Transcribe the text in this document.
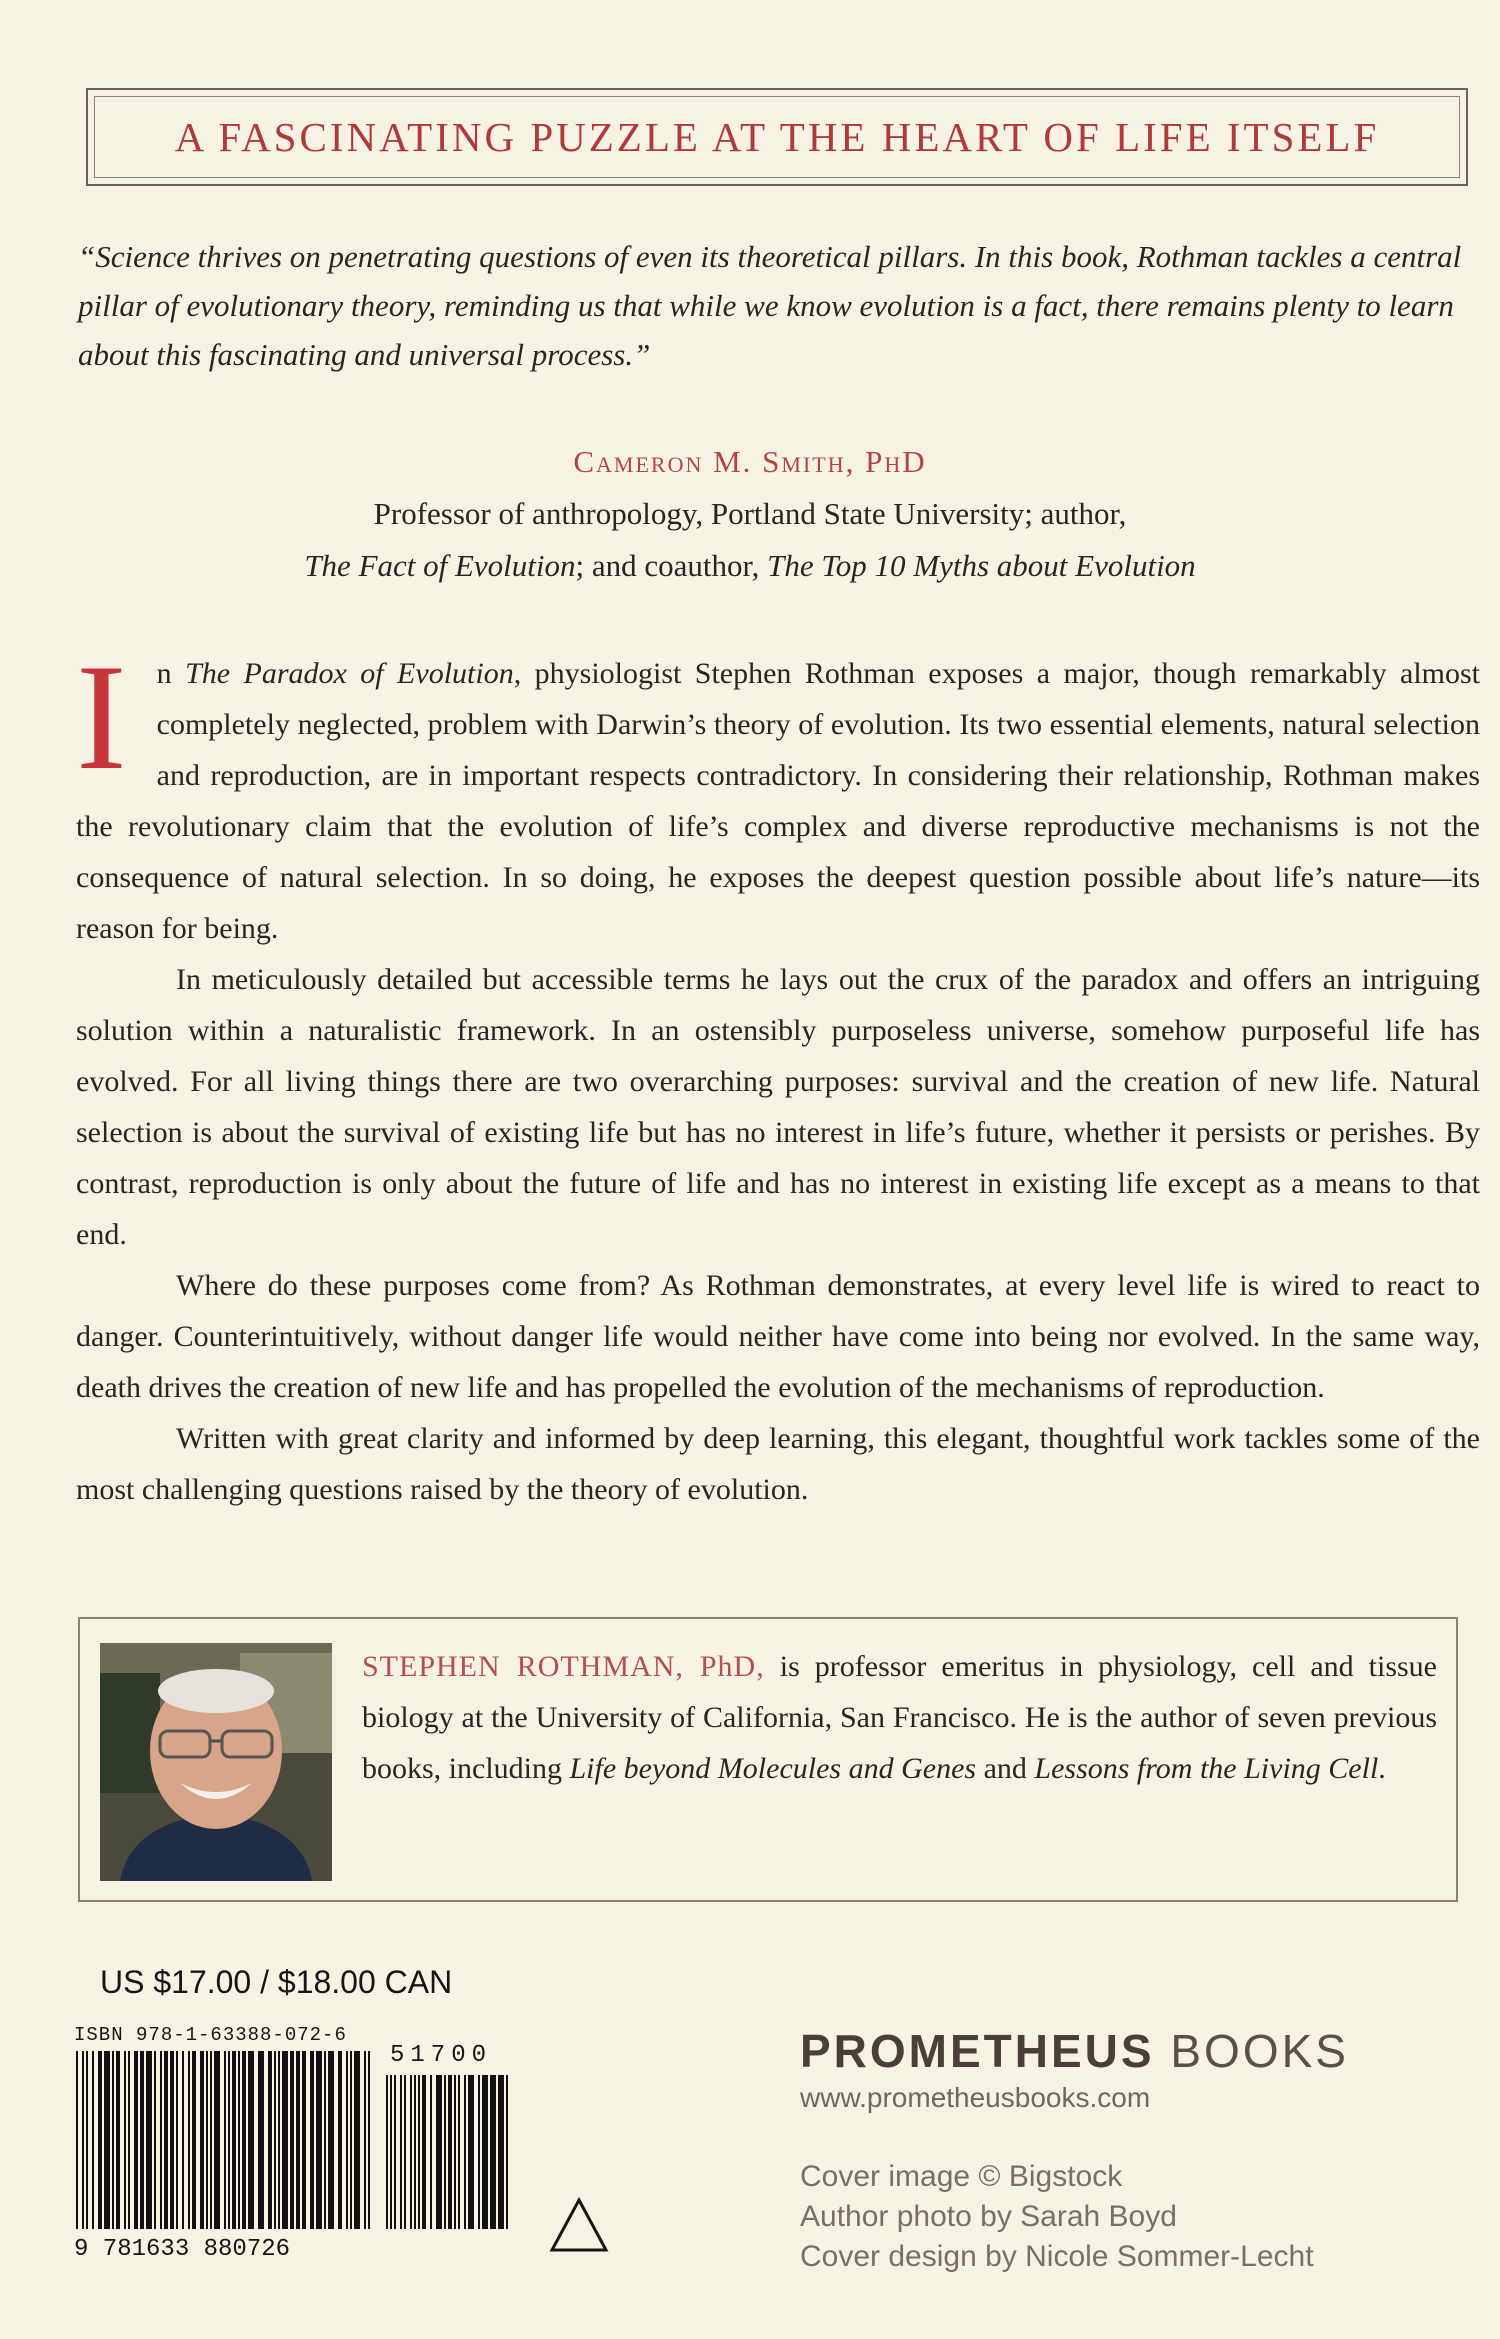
A FASCINATING PUZZLE AT THE HEART OF LIFE ITSELF
“Science thrives on penetrating questions of even its theoretical pillars. In this book, Rothman tackles a central pillar of evolutionary theory, reminding us that while we know evolution is a fact, there remains plenty to learn about this fascinating and universal process.”
Cameron M. Smith, PhD
Professor of anthropology, Portland State University; author,
The Fact of Evolution; and coauthor, The Top 10 Myths about Evolution

I n The Paradox of Evolution, physiologist Stephen Rothman exposes a major, though remarkably almost completely neglected, problem with Darwin’s theory of evolution. Its two essential elements, natural selection and reproduction, are in important respects contradictory. In considering their relationship, Rothman makes the revolutionary claim that the evolution of life’s complex and diverse reproductive mechanisms is not the consequence of natural selection. In so doing, he exposes the deepest question possible about life’s nature—its reason for being.

In meticulously detailed but accessible terms he lays out the crux of the paradox and offers an intriguing solution within a naturalistic framework. In an ostensibly purposeless universe, somehow purposeful life has evolved. For all living things there are two overarching purposes: survival and the creation of new life. Natural selection is about the survival of existing life but has no interest in life’s future, whether it persists or perishes. By contrast, reproduction is only about the future of life and has no interest in existing life except as a means to that end.

Where do these purposes come from? As Rothman demonstrates, at every level life is wired to react to danger. Counterintuitively, without danger life would neither have come into being nor evolved. In the same way, death drives the creation of new life and has propelled the evolution of the mechanisms of reproduction.

Written with great clarity and informed by deep learning, this elegant, thoughtful work tackles some of the most challenging questions raised by the theory of evolution.

STEPHEN ROTHMAN, PhD, is professor emeritus in physiology, cell and tissue biology at the University of California, San Francisco. He is the author of seven previous books, including Life beyond Molecules and Genes and Lessons from the Living Cell.
US $17.00 / $18.00 CAN
ISBN 978-1-63388-072-6
9 781633 880726
51700	PROMETHEUS BOOKS
www.prometheusbooks.com
Cover image © Bigstock
Author photo by Sarah Boyd
Cover design by Nicole Sommer-Lecht
